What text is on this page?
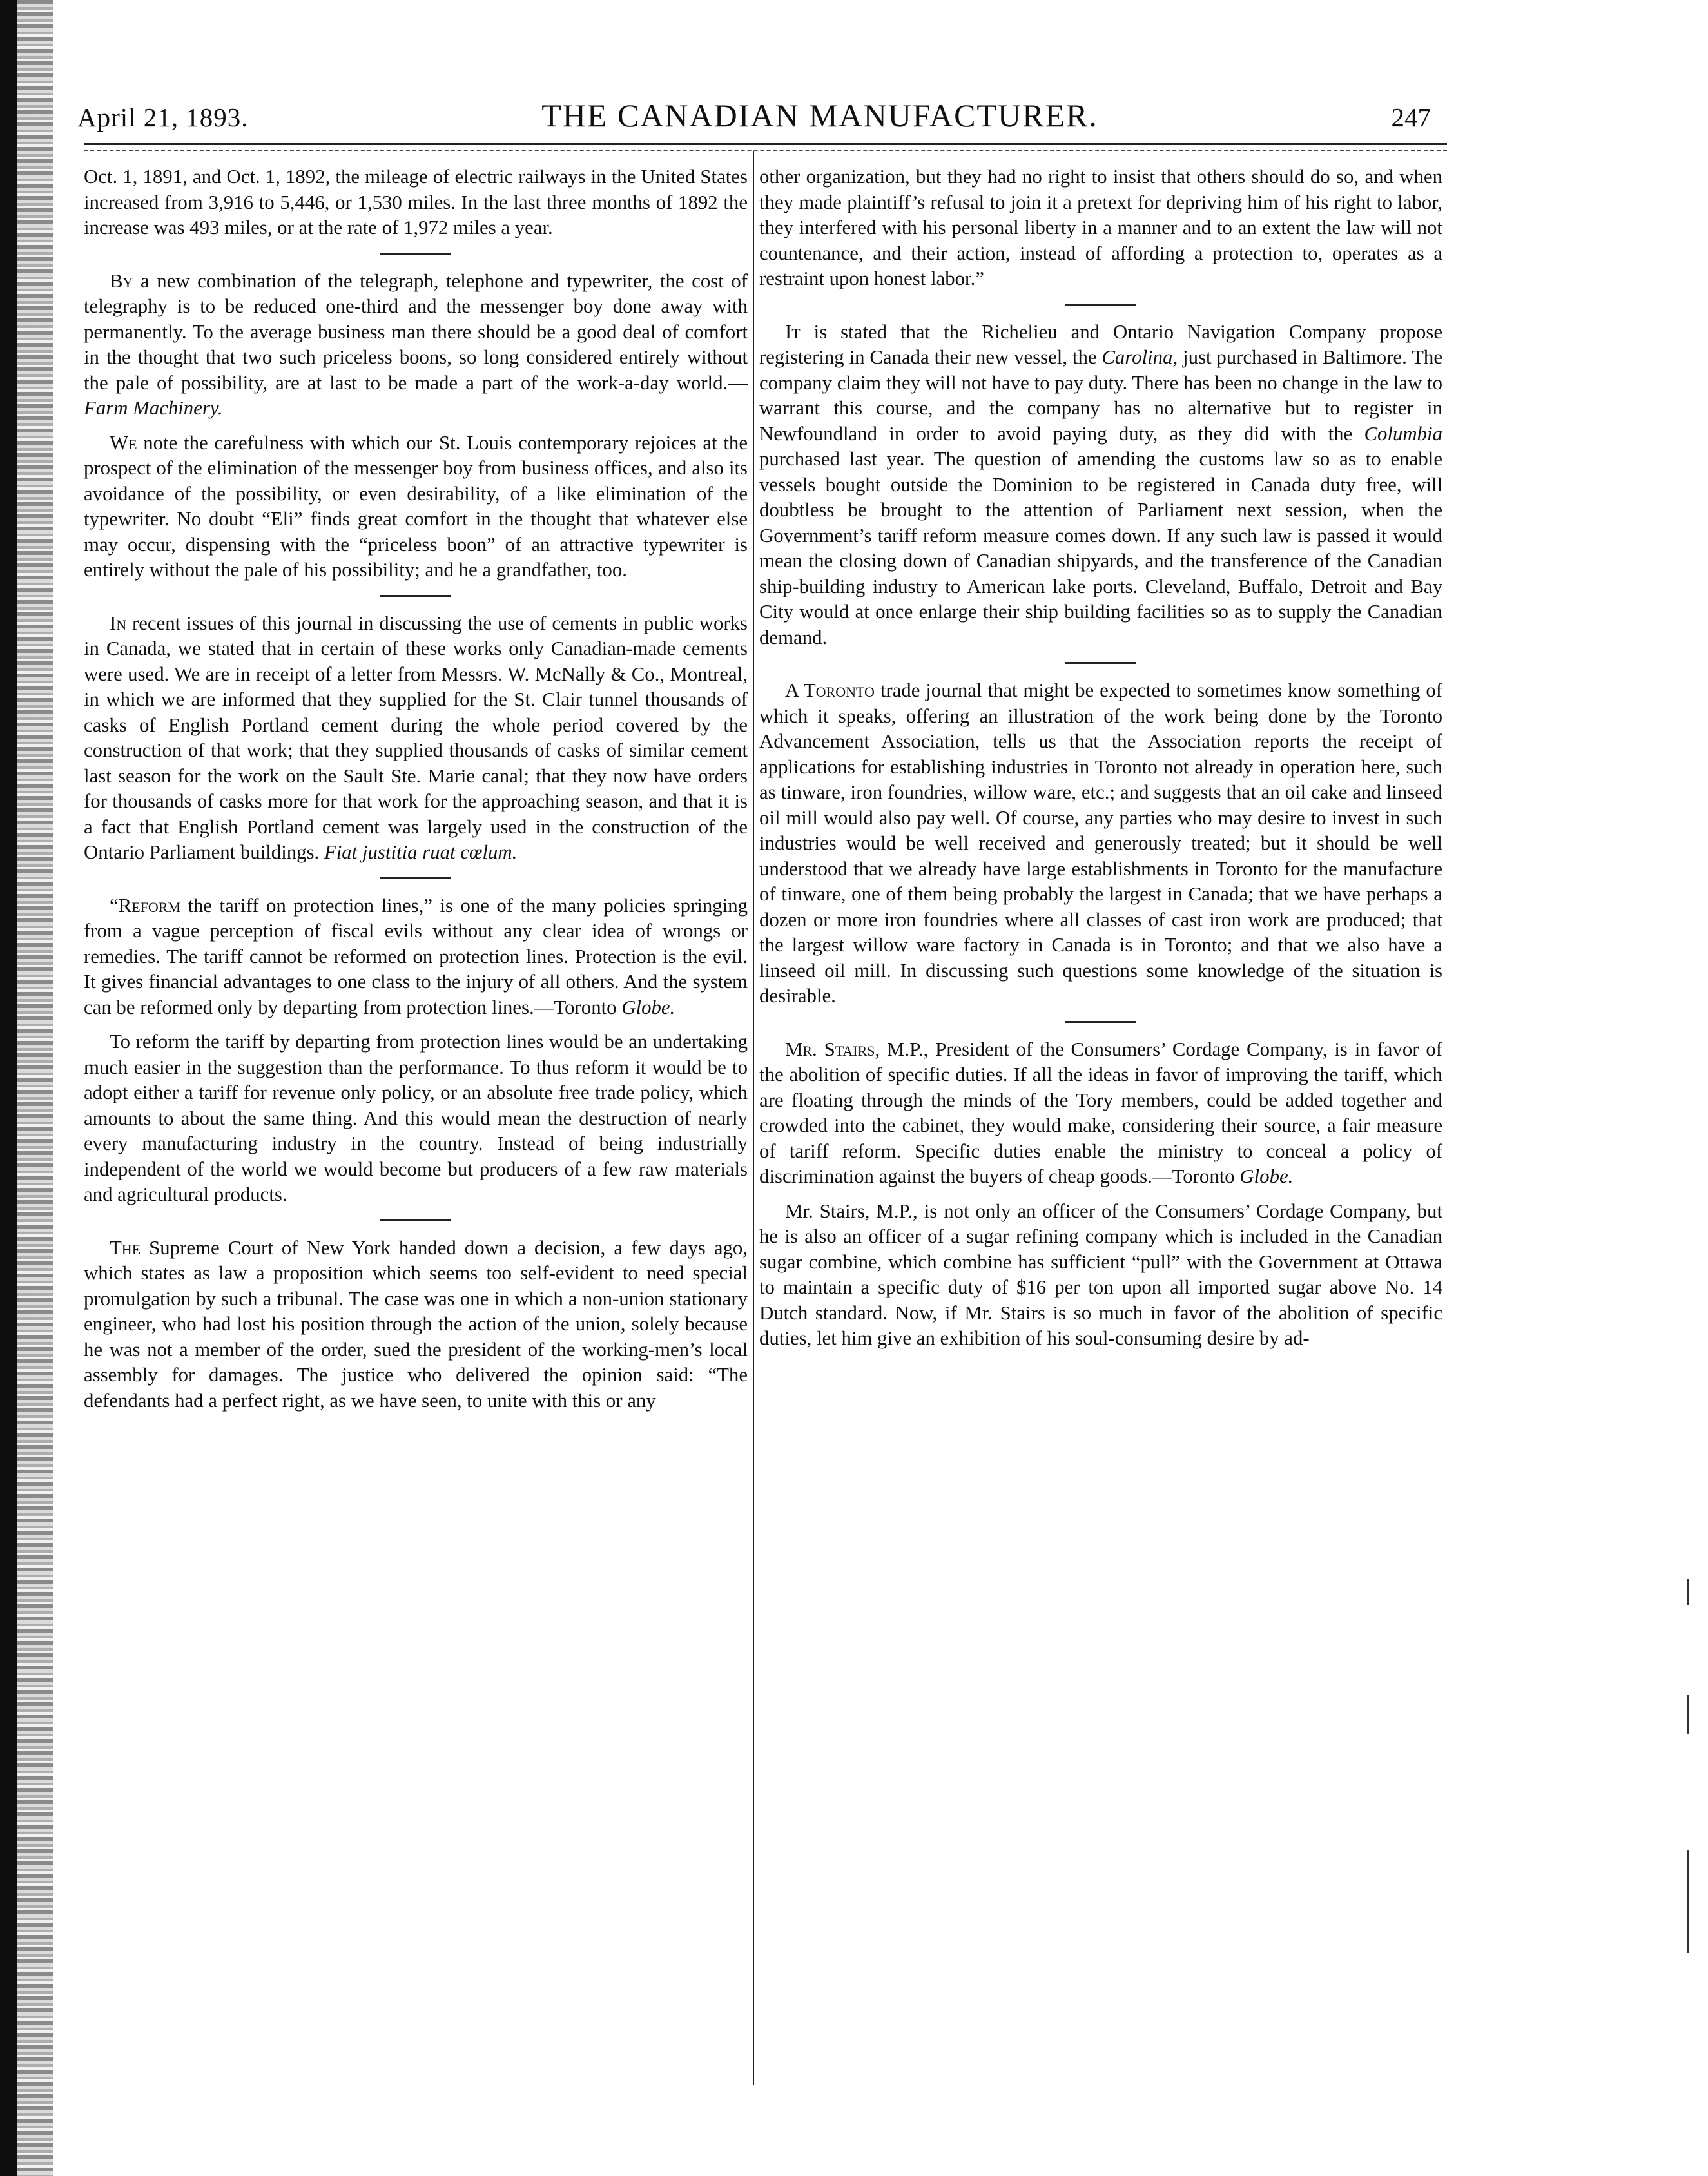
April 21, 1893.	THE CANADIAN MANUFACTURER.	247

Oct. 1, 1891, and Oct. 1, 1892, the mileage of electric railways in the United States increased from 3,916 to 5,446, or 1,530 miles. In the last three months of 1892 the increase was 493 miles, or at the rate of 1,972 miles a year.

By a new combination of the telegraph, telephone and typewriter, the cost of telegraphy is to be reduced one-third and the messenger boy done away with permanently. To the average business man there should be a good deal of comfort in the thought that two such priceless boons, so long considered entirely without the pale of possibility, are at last to be made a part of the work-a-day world.—Farm Machinery.

We note the carefulness with which our St. Louis contemporary rejoices at the prospect of the elimination of the messenger boy from business offices, and also its avoidance of the possibility, or even desirability, of a like elimination of the typewriter. No doubt “Eli” finds great comfort in the thought that whatever else may occur, dispensing with the “priceless boon” of an attractive typewriter is entirely without the pale of his possibility; and he a grandfather, too.

In recent issues of this journal in discussing the use of cements in public works in Canada, we stated that in certain of these works only Canadian-made cements were used. We are in receipt of a letter from Messrs. W. McNally & Co., Montreal, in which we are informed that they supplied for the St. Clair tunnel thousands of casks of English Portland cement during the whole period covered by the construction of that work; that they supplied thousands of casks of similar cement last season for the work on the Sault Ste. Marie canal; that they now have orders for thousands of casks more for that work for the approaching season, and that it is a fact that English Portland cement was largely used in the construction of the Ontario Parliament buildings. Fiat justitia ruat cœlum.

“Reform the tariff on protection lines,” is one of the many policies springing from a vague perception of fiscal evils without any clear idea of wrongs or remedies. The tariff cannot be reformed on protection lines. Protection is the evil. It gives financial advantages to one class to the injury of all others. And the system can be reformed only by departing from protection lines.—Toronto Globe.

To reform the tariff by departing from protection lines would be an undertaking much easier in the suggestion than the performance. To thus reform it would be to adopt either a tariff for revenue only policy, or an absolute free trade policy, which amounts to about the same thing. And this would mean the destruction of nearly every manufacturing industry in the country. Instead of being industrially independent of the world we would become but producers of a few raw materials and agricultural products.

The Supreme Court of New York handed down a decision, a few days ago, which states as law a proposition which seems too self-evident to need special promulgation by such a tribunal. The case was one in which a non-union stationary engineer, who had lost his position through the action of the union, solely because he was not a member of the order, sued the president of the working-men’s local assembly for damages. The justice who delivered the opinion said: “The defendants had a perfect right, as we have seen, to unite with this or any

other organization, but they had no right to insist that others should do so, and when they made plaintiff’s refusal to join it a pretext for depriving him of his right to labor, they interfered with his personal liberty in a manner and to an extent the law will not countenance, and their action, instead of affording a protection to, operates as a restraint upon honest labor.”

It is stated that the Richelieu and Ontario Navigation Company propose registering in Canada their new vessel, the Carolina, just purchased in Baltimore. The company claim they will not have to pay duty. There has been no change in the law to warrant this course, and the company has no alternative but to register in Newfoundland in order to avoid paying duty, as they did with the Columbia purchased last year. The question of amending the customs law so as to enable vessels bought outside the Dominion to be registered in Canada duty free, will doubtless be brought to the attention of Parliament next session, when the Government’s tariff reform measure comes down. If any such law is passed it would mean the closing down of Canadian shipyards, and the transference of the Canadian ship-building industry to American lake ports. Cleveland, Buffalo, Detroit and Bay City would at once enlarge their ship building facilities so as to supply the Canadian demand.

A Toronto trade journal that might be expected to sometimes know something of which it speaks, offering an illustration of the work being done by the Toronto Advancement Association, tells us that the Association reports the receipt of applications for establishing industries in Toronto not already in operation here, such as tinware, iron foundries, willow ware, etc.; and suggests that an oil cake and linseed oil mill would also pay well. Of course, any parties who may desire to invest in such industries would be well received and generously treated; but it should be well understood that we already have large establishments in Toronto for the manufacture of tinware, one of them being probably the largest in Canada; that we have perhaps a dozen or more iron foundries where all classes of cast iron work are produced; that the largest willow ware factory in Canada is in Toronto; and that we also have a linseed oil mill. In discussing such questions some knowledge of the situation is desirable.

Mr. Stairs, M.P., President of the Consumers’ Cordage Company, is in favor of the abolition of specific duties. If all the ideas in favor of improving the tariff, which are floating through the minds of the Tory members, could be added together and crowded into the cabinet, they would make, considering their source, a fair measure of tariff reform. Specific duties enable the ministry to conceal a policy of discrimination against the buyers of cheap goods.—Toronto Globe.

Mr. Stairs, M.P., is not only an officer of the Consumers’ Cordage Company, but he is also an officer of a sugar refining company which is included in the Canadian sugar combine, which combine has sufficient “pull” with the Government at Ottawa to maintain a specific duty of $16 per ton upon all imported sugar above No. 14 Dutch standard. Now, if Mr. Stairs is so much in favor of the abolition of specific duties, let him give an exhibition of his soul-consuming desire by ad-
